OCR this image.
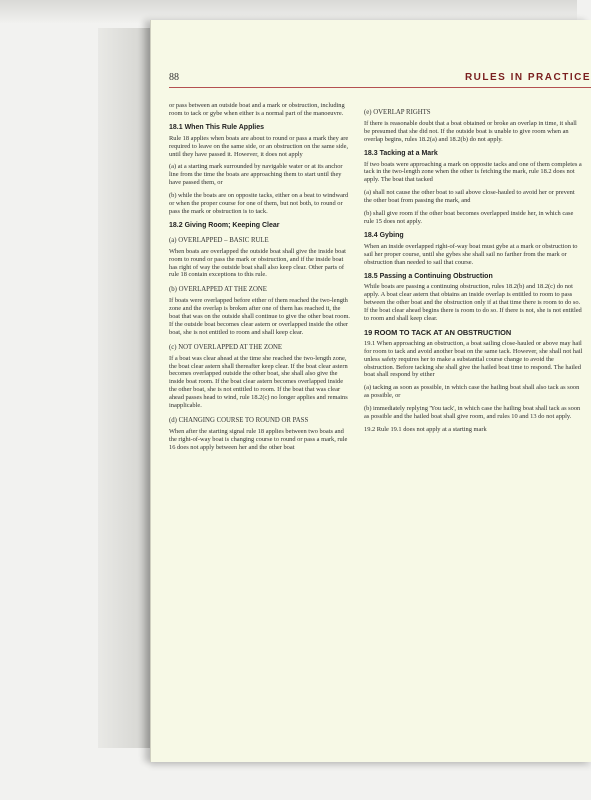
88	RULES IN PRACTICE

or pass between an outside boat and a mark or obstruction, including room to tack or gybe when either is a normal part of the manoeuvre.

18.1 When This Rule Applies

Rule 18 applies when boats are about to round or pass a mark they are required to leave on the same side, or an obstruction on the same side, until they have passed it. However, it does not apply

(a) at a starting mark surrounded by navigable water or at its anchor line from the time the boats are approaching them to start until they have passed them, or

(b) while the boats are on opposite tacks, either on a beat to windward or when the proper course for one of them, but not both, to round or pass the mark or obstruction is to tack.

18.2 Giving Room; Keeping Clear
(a) OVERLAPPED – BASIC RULE

When boats are overlapped the outside boat shall give the inside boat room to round or pass the mark or obstruction, and if the inside boat has right of way the outside boat shall also keep clear. Other parts of rule 18 contain exceptions to this rule.

(b) OVERLAPPED AT THE ZONE

If boats were overlapped before either of them reached the two-length zone and the overlap is broken after one of them has reached it, the boat that was on the outside shall continue to give the other boat room. If the outside boat becomes clear astern or overlapped inside the other boat, she is not entitled to room and shall keep clear.

(c) NOT OVERLAPPED AT THE ZONE

If a boat was clear ahead at the time she reached the two-length zone, the boat clear astern shall thereafter keep clear. If the boat clear astern becomes overlapped outside the other boat, she shall also give the inside boat room. If the boat clear astern becomes overlapped inside the other boat, she is not entitled to room. If the boat that was clear ahead passes head to wind, rule 18.2(c) no longer applies and remains inapplicable.

(d) CHANGING COURSE TO ROUND OR PASS

When after the starting signal rule 18 applies between two boats and the right-of-way boat is changing course to round or pass a mark, rule 16 does not apply between her and the other boat

(e) OVERLAP RIGHTS

If there is reasonable doubt that a boat obtained or broke an overlap in time, it shall be presumed that she did not. If the outside boat is unable to give room when an overlap begins, rules 18.2(a) and 18.2(b) do not apply.

18.3 Tacking at a Mark

If two boats were approaching a mark on opposite tacks and one of them completes a tack in the two-length zone when the other is fetching the mark, rule 18.2 does not apply. The boat that tacked

(a) shall not cause the other boat to sail above close-hauled to avoid her or prevent the other boat from passing the mark, and

(b) shall give room if the other boat becomes overlapped inside her, in which case rule 15 does not apply.

18.4 Gybing

When an inside overlapped right-of-way boat must gybe at a mark or obstruction to sail her proper course, until she gybes she shall sail no farther from the mark or obstruction than needed to sail that course.

18.5 Passing a Continuing Obstruction

While boats are passing a continuing obstruction, rules 18.2(b) and 18.2(c) do not apply. A boat clear astern that obtains an inside overlap is entitled to room to pass between the other boat and the obstruction only if at that time there is room to do so. If the boat clear ahead begins there is room to do so. If there is not, she is not entitled to room and shall keep clear.

19 ROOM TO TACK AT AN OBSTRUCTION

19.1 When approaching an obstruction, a boat sailing close-hauled or above may hail for room to tack and avoid another boat on the same tack. However, she shall not hail unless safety requires her to make a substantial course change to avoid the obstruction. Before tacking she shall give the hailed boat time to respond. The hailed boat shall respond by either

(a) tacking as soon as possible, in which case the hailing boat shall also tack as soon as possible, or

(b) immediately replying 'You tack', in which case the hailing boat shall tack as soon as possible and the hailed boat shall give room, and rules 10 and 13 do not apply.

19.2 Rule 19.1 does not apply at a starting mark
